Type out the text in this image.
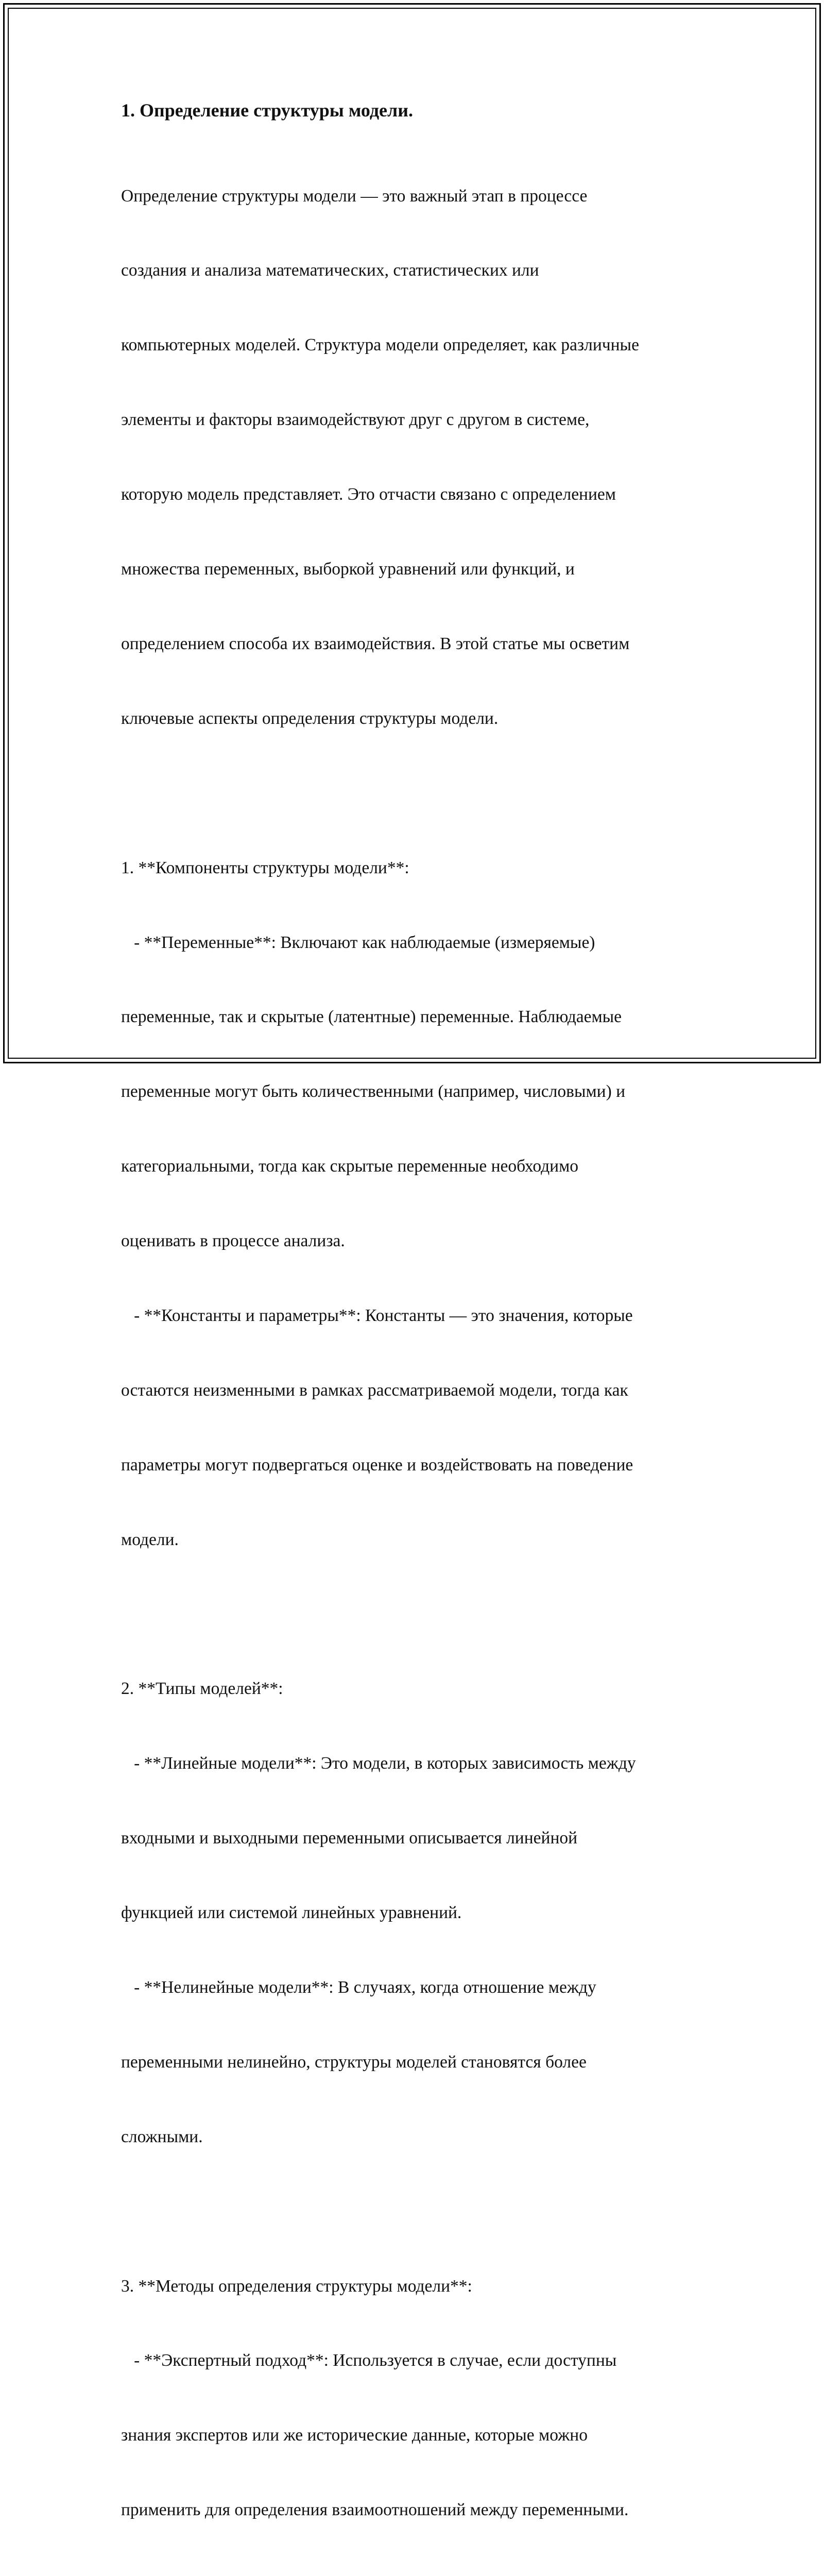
1. Определение структуры модели.

Определение структуры модели — это важный этап в процессе

создания и анализа математических, статистических или

компьютерных моделей. Структура модели определяет, как различные

элементы и факторы взаимодействуют друг с другом в системе,

которую модель представляет. Это отчасти связано с определением

множества переменных, выборкой уравнений или функций, и

определением способа их взаимодействия. В этой статье мы осветим

ключевые аспекты определения структуры модели.

1. **Компоненты структуры модели**:

- **Переменные**: Включают как наблюдаемые (измеряемые)

переменные, так и скрытые (латентные) переменные. Наблюдаемые

переменные могут быть количественными (например, числовыми) и

категориальными, тогда как скрытые переменные необходимо

оценивать в процессе анализа.

- **Константы и параметры**: Константы — это значения, которые

остаются неизменными в рамках рассматриваемой модели, тогда как

параметры могут подвергаться оценке и воздействовать на поведение

модели.

2. **Типы моделей**:

- **Линейные модели**: Это модели, в которых зависимость между

входными и выходными переменными описывается линейной

функцией или системой линейных уравнений.

- **Нелинейные модели**: В случаях, когда отношение между

переменными нелинейно, структуры моделей становятся более

сложными.

3. **Методы определения структуры модели**:

- **Экспертный подход**: Используется в случае, если доступны

знания экспертов или же исторические данные, которые можно

применить для определения взаимоотношений между переменными.
